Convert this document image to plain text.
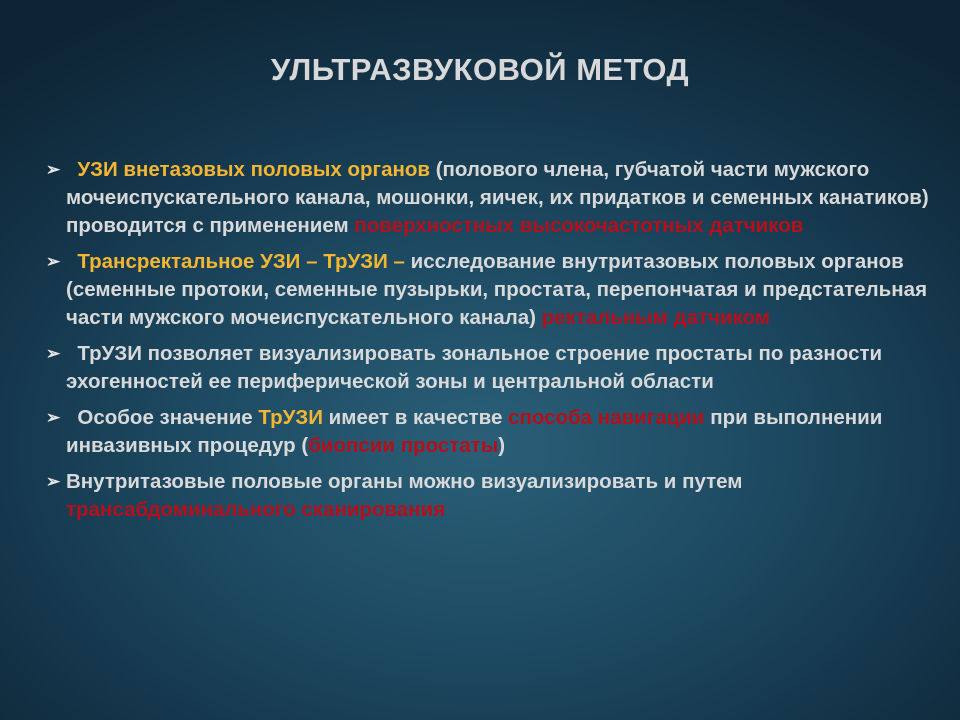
УЛЬТРАЗВУКОВОЙ МЕТОД
➢ УЗИ внетазовых половых органов (полового члена, губчатой части мужского мочеиспускательного канала, мошонки, яичек, их придатков и семенных канатиков) проводится с применением поверхностных высокочастотных датчиков
➢ Трансректальное УЗИ – ТрУЗИ – исследование внутритазовых половых органов (семенные протоки, семенные пузырьки, простата, перепончатая и предстательная части мужского мочеиспускательного канала) ректальным датчиком
➢ ТрУЗИ позволяет визуализировать зональное строение простаты по разности эхогенностей ее периферической зоны и центральной области
➢ Особое значение ТрУЗИ имеет в качестве способа навигации при выполнении инвазивных процедур (биопсии простаты)
➢ Внутритазовые половые органы можно визуализировать и путем трансабдоминального сканирования
